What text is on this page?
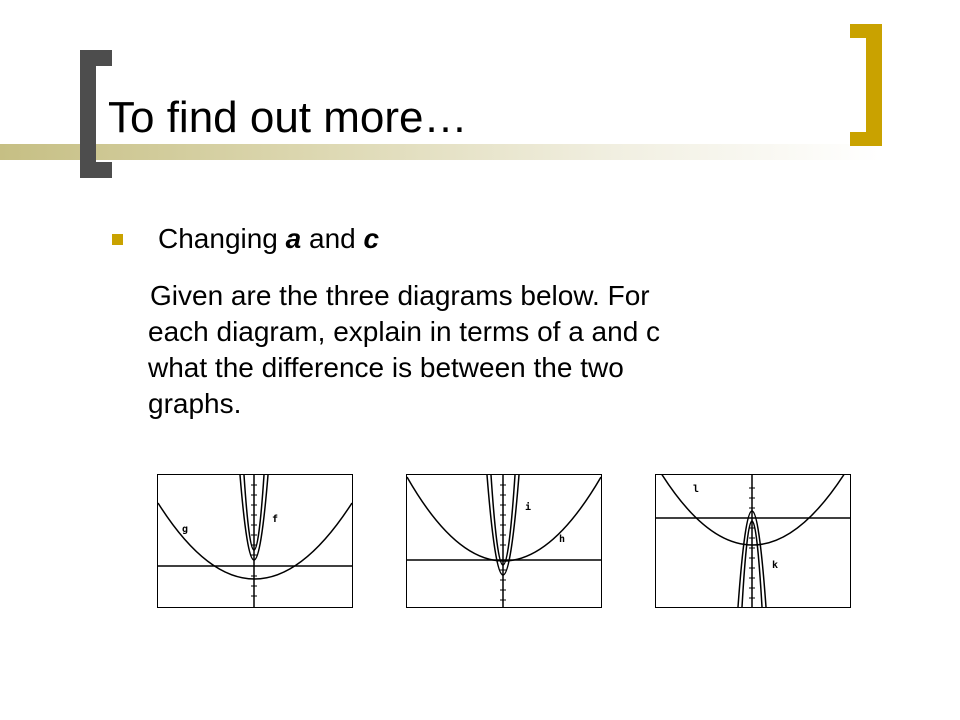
To find out more…
Changing a and c

Given are the three diagrams below. For
each diagram, explain in terms of a and c
what the difference is between the two
graphs.

g
f
i
h
l
k
